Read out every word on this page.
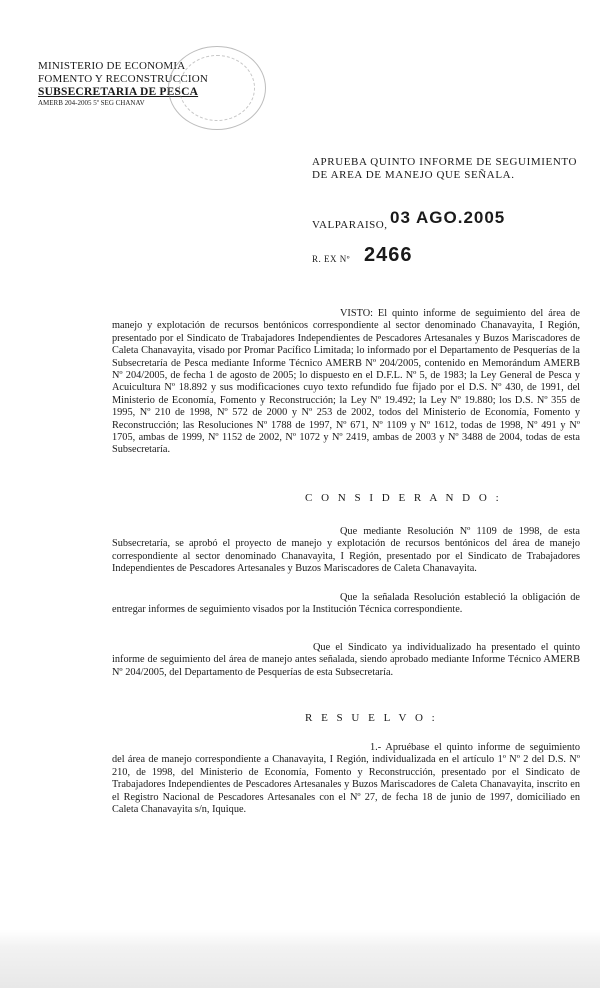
MINISTERIO DE ECONOMIA
FOMENTO Y RECONSTRUCCION
SUBSECRETARIA DE PESCA
AMERB 204-2005 5º SEG CHANAV
APRUEBA QUINTO INFORME DE SEGUIMIENTO
DE AREA DE MANEJO QUE SEÑALA.
VALPARAISO, 03 AGO.2005
R. EX Nº 2466
VISTO: El quinto informe de seguimiento del área de manejo y explotación de recursos bentónicos correspondiente al sector denominado Chanavayita, I Región, presentado por el Sindicato de Trabajadores Independientes de Pescadores Artesanales y Buzos Mariscadores de Caleta Chanavayita, visado por Promar Pacífico Limitada; lo informado por el Departamento de Pesquerías de la Subsecretaría de Pesca mediante Informe Técnico AMERB Nº 204/2005, contenido en Memorándum AMERB Nº 204/2005, de fecha 1 de agosto de 2005; lo dispuesto en el D.F.L. Nº 5, de 1983; la Ley General de Pesca y Acuicultura Nº 18.892 y sus modificaciones cuyo texto refundido fue fijado por el D.S. Nº 430, de 1991, del Ministerio de Economía, Fomento y Reconstrucción; la Ley Nº 19.492; la Ley Nº 19.880; los D.S. Nº 355 de 1995, Nº 210 de 1998, Nº 572 de 2000 y Nº 253 de 2002, todos del Ministerio de Economía, Fomento y Reconstrucción; las Resoluciones Nº 1788 de 1997, Nº 671, Nº 1109 y Nº 1612, todas de 1998, Nº 491 y Nº 1705, ambas de 1999, Nº 1152 de 2002, Nº 1072 y Nº 2419, ambas de 2003 y Nº 3488 de 2004, todas de esta Subsecretaría.
C O N S I D E R A N D O :
Que mediante Resolución Nº 1109 de 1998, de esta Subsecretaría, se aprobó el proyecto de manejo y explotación de recursos bentónicos del área de manejo correspondiente al sector denominado Chanavayita, I Región, presentado por el Sindicato de Trabajadores Independientes de Pescadores Artesanales y Buzos Mariscadores de Caleta Chanavayita.
Que la señalada Resolución estableció la obligación de entregar informes de seguimiento visados por la Institución Técnica correspondiente.
Que el Sindicato ya individualizado ha presentado el quinto informe de seguimiento del área de manejo antes señalada, siendo aprobado mediante Informe Técnico AMERB Nº 204/2005, del Departamento de Pesquerías de esta Subsecretaría.
R E S U E L V O :
1.- Apruébase el quinto informe de seguimiento del área de manejo correspondiente a Chanavayita, I Región, individualizada en el artículo 1º Nº 2 del D.S. Nº 210, de 1998, del Ministerio de Economía, Fomento y Reconstrucción, presentado por el Sindicato de Trabajadores Independientes de Pescadores Artesanales y Buzos Mariscadores de Caleta Chanavayita, inscrito en el Registro Nacional de Pescadores Artesanales con el Nº 27, de fecha 18 de junio de 1997, domiciliado en Caleta Chanavayita s/n, Iquique.
